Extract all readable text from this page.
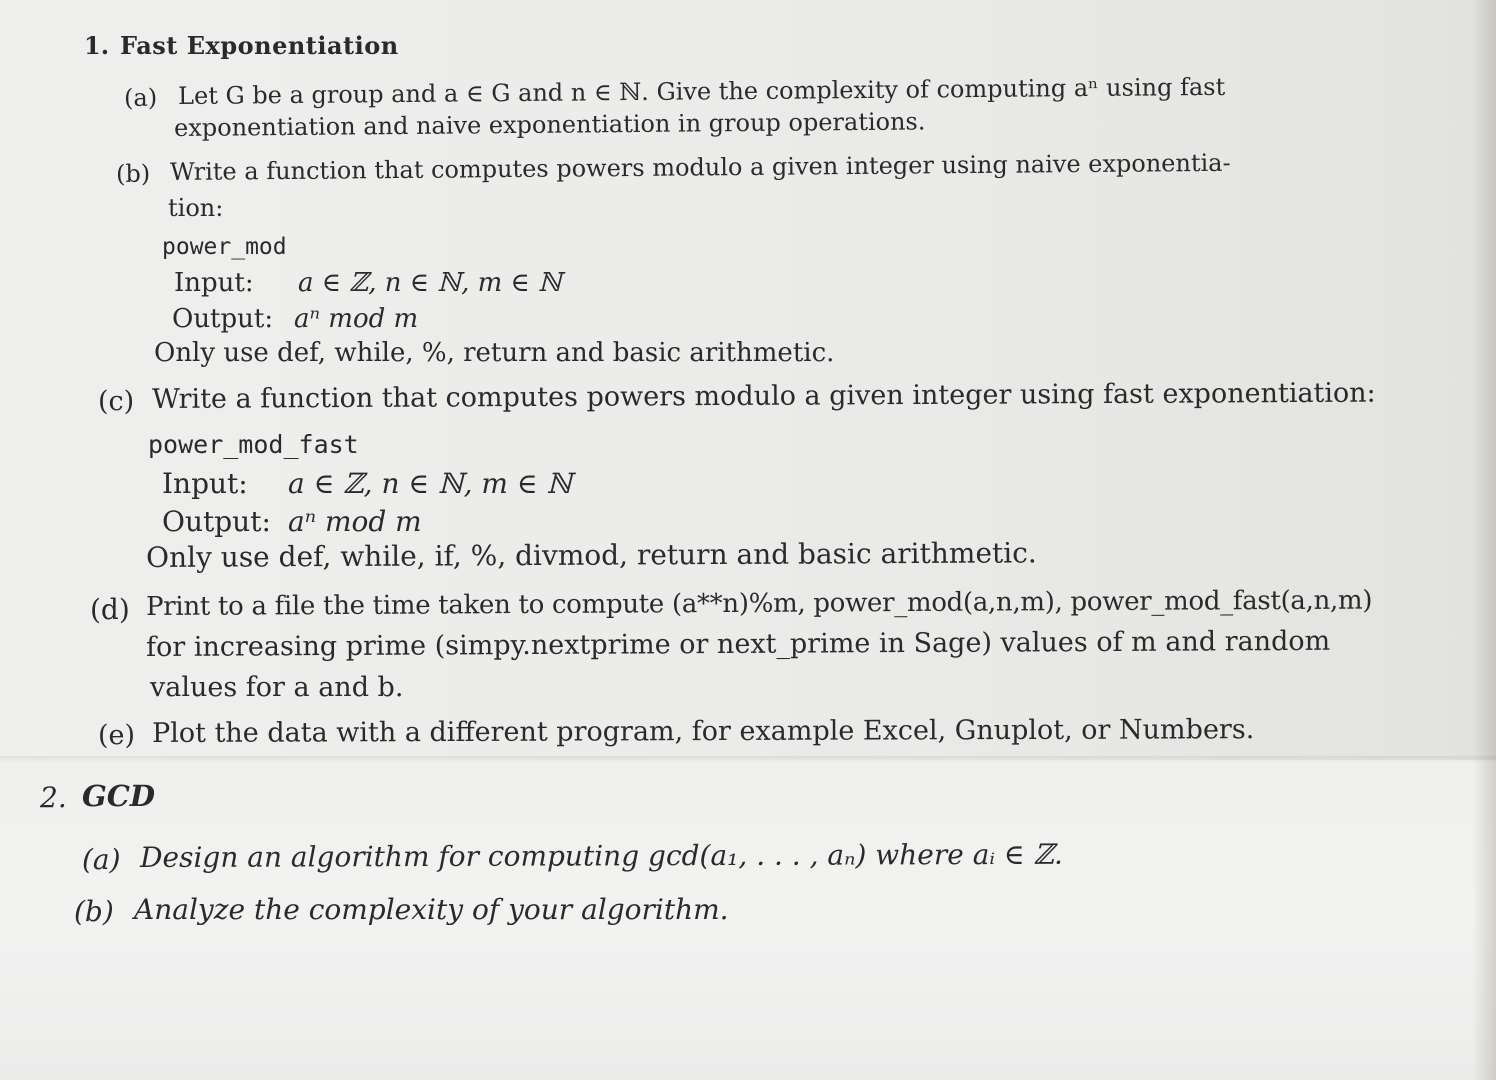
1. Fast Exponentiation
(a) Let G be a group and a ∈ G and n ∈ ℕ. Give the complexity of computing aⁿ using fast
exponentiation and naive exponentiation in group operations.
(b) Write a function that computes powers modulo a given integer using naive exponentia-
tion:
power_mod
Input: a ∈ ℤ, n ∈ ℕ, m ∈ ℕ
Output: aⁿ mod m
Only use def, while, %, return and basic arithmetic.
(c) Write a function that computes powers modulo a given integer using fast exponentiation:
power_mod_fast
Input: a ∈ ℤ, n ∈ ℕ, m ∈ ℕ
Output: aⁿ mod m
Only use def, while, if, %, divmod, return and basic arithmetic.
(d) Print to a file the time taken to compute (a**n)%m, power_mod(a,n,m), power_mod_fast(a,n,m)
for increasing prime (simpy.nextprime or next_prime in Sage) values of m and random
values for a and b.
(e) Plot the data with a different program, for example Excel, Gnuplot, or Numbers.
2. GCD
(a) Design an algorithm for computing gcd(a₁, . . . , aₙ) where aᵢ ∈ ℤ.
(b) Analyze the complexity of your algorithm.
